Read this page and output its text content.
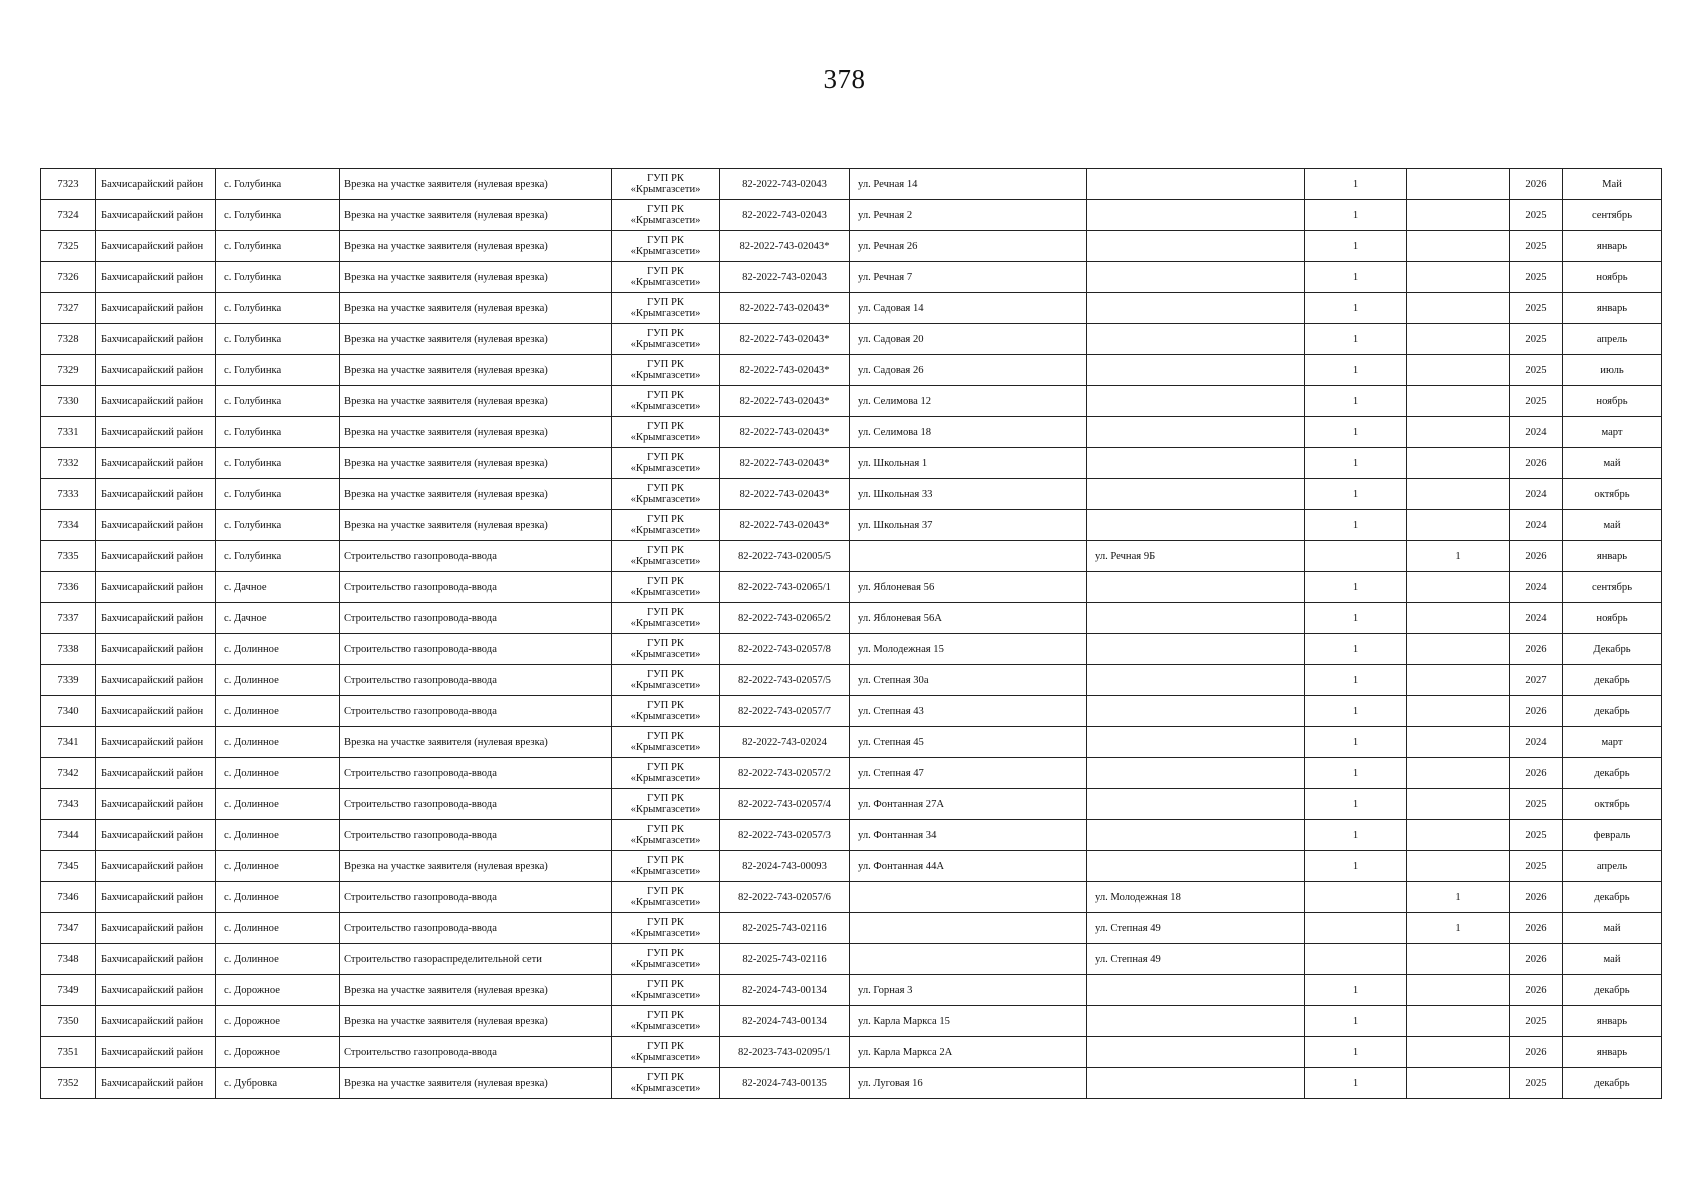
378
7323	Бахчисарайский район	с. Голубинка	Врезка на участке заявителя (нулевая врезка)	ГУП РК «Крымгазсети»	82-2022-743-02043	ул. Речная 14		1		2026	Май
7324	Бахчисарайский район	с. Голубинка	Врезка на участке заявителя (нулевая врезка)	ГУП РК «Крымгазсети»	82-2022-743-02043	ул. Речная 2		1		2025	сентябрь
7325	Бахчисарайский район	с. Голубинка	Врезка на участке заявителя (нулевая врезка)	ГУП РК «Крымгазсети»	82-2022-743-02043*	ул. Речная 26		1		2025	январь
7326	Бахчисарайский район	с. Голубинка	Врезка на участке заявителя (нулевая врезка)	ГУП РК «Крымгазсети»	82-2022-743-02043	ул. Речная 7		1		2025	ноябрь
7327	Бахчисарайский район	с. Голубинка	Врезка на участке заявителя (нулевая врезка)	ГУП РК «Крымгазсети»	82-2022-743-02043*	ул. Садовая 14		1		2025	январь
7328	Бахчисарайский район	с. Голубинка	Врезка на участке заявителя (нулевая врезка)	ГУП РК «Крымгазсети»	82-2022-743-02043*	ул. Садовая 20		1		2025	апрель
7329	Бахчисарайский район	с. Голубинка	Врезка на участке заявителя (нулевая врезка)	ГУП РК «Крымгазсети»	82-2022-743-02043*	ул. Садовая 26		1		2025	июль
7330	Бахчисарайский район	с. Голубинка	Врезка на участке заявителя (нулевая врезка)	ГУП РК «Крымгазсети»	82-2022-743-02043*	ул. Селимова 12		1		2025	ноябрь
7331	Бахчисарайский район	с. Голубинка	Врезка на участке заявителя (нулевая врезка)	ГУП РК «Крымгазсети»	82-2022-743-02043*	ул. Селимова 18		1		2024	март
7332	Бахчисарайский район	с. Голубинка	Врезка на участке заявителя (нулевая врезка)	ГУП РК «Крымгазсети»	82-2022-743-02043*	ул. Школьная 1		1		2026	май
7333	Бахчисарайский район	с. Голубинка	Врезка на участке заявителя (нулевая врезка)	ГУП РК «Крымгазсети»	82-2022-743-02043*	ул. Школьная 33		1		2024	октябрь
7334	Бахчисарайский район	с. Голубинка	Врезка на участке заявителя (нулевая врезка)	ГУП РК «Крымгазсети»	82-2022-743-02043*	ул. Школьная 37		1		2024	май
7335	Бахчисарайский район	с. Голубинка	Строительство газопровода-ввода	ГУП РК «Крымгазсети»	82-2022-743-02005/5		ул. Речная 9Б		1	2026	январь
7336	Бахчисарайский район	с. Дачное	Строительство газопровода-ввода	ГУП РК «Крымгазсети»	82-2022-743-02065/1	ул. Яблоневая 56		1		2024	сентябрь
7337	Бахчисарайский район	с. Дачное	Строительство газопровода-ввода	ГУП РК «Крымгазсети»	82-2022-743-02065/2	ул. Яблоневая 56А		1		2024	ноябрь
7338	Бахчисарайский район	с. Долинное	Строительство газопровода-ввода	ГУП РК «Крымгазсети»	82-2022-743-02057/8	ул. Молодежная 15		1		2026	Декабрь
7339	Бахчисарайский район	с. Долинное	Строительство газопровода-ввода	ГУП РК «Крымгазсети»	82-2022-743-02057/5	ул. Степная 30а		1		2027	декабрь
7340	Бахчисарайский район	с. Долинное	Строительство газопровода-ввода	ГУП РК «Крымгазсети»	82-2022-743-02057/7	ул. Степная 43		1		2026	декабрь
7341	Бахчисарайский район	с. Долинное	Врезка на участке заявителя (нулевая врезка)	ГУП РК «Крымгазсети»	82-2022-743-02024	ул. Степная 45		1		2024	март
7342	Бахчисарайский район	с. Долинное	Строительство газопровода-ввода	ГУП РК «Крымгазсети»	82-2022-743-02057/2	ул. Степная 47		1		2026	декабрь
7343	Бахчисарайский район	с. Долинное	Строительство газопровода-ввода	ГУП РК «Крымгазсети»	82-2022-743-02057/4	ул. Фонтанная 27А		1		2025	октябрь
7344	Бахчисарайский район	с. Долинное	Строительство газопровода-ввода	ГУП РК «Крымгазсети»	82-2022-743-02057/3	ул. Фонтанная 34		1		2025	февраль
7345	Бахчисарайский район	с. Долинное	Врезка на участке заявителя (нулевая врезка)	ГУП РК «Крымгазсети»	82-2024-743-00093	ул. Фонтанная 44А		1		2025	апрель
7346	Бахчисарайский район	с. Долинное	Строительство газопровода-ввода	ГУП РК «Крымгазсети»	82-2022-743-02057/6		ул. Молодежная 18		1	2026	декабрь
7347	Бахчисарайский район	с. Долинное	Строительство газопровода-ввода	ГУП РК «Крымгазсети»	82-2025-743-02116		ул. Степная 49		1	2026	май
7348	Бахчисарайский район	с. Долинное	Строительство газораспределительной сети	ГУП РК «Крымгазсети»	82-2025-743-02116		ул. Степная 49			2026	май
7349	Бахчисарайский район	с. Дорожное	Врезка на участке заявителя (нулевая врезка)	ГУП РК «Крымгазсети»	82-2024-743-00134	ул. Горная 3		1		2026	декабрь
7350	Бахчисарайский район	с. Дорожное	Врезка на участке заявителя (нулевая врезка)	ГУП РК «Крымгазсети»	82-2024-743-00134	ул. Карла Маркса 15		1		2025	январь
7351	Бахчисарайский район	с. Дорожное	Строительство газопровода-ввода	ГУП РК «Крымгазсети»	82-2023-743-02095/1	ул. Карла Маркса 2А		1		2026	январь
7352	Бахчисарайский район	с. Дубровка	Врезка на участке заявителя (нулевая врезка)	ГУП РК «Крымгазсети»	82-2024-743-00135	ул. Луговая 16		1		2025	декабрь
